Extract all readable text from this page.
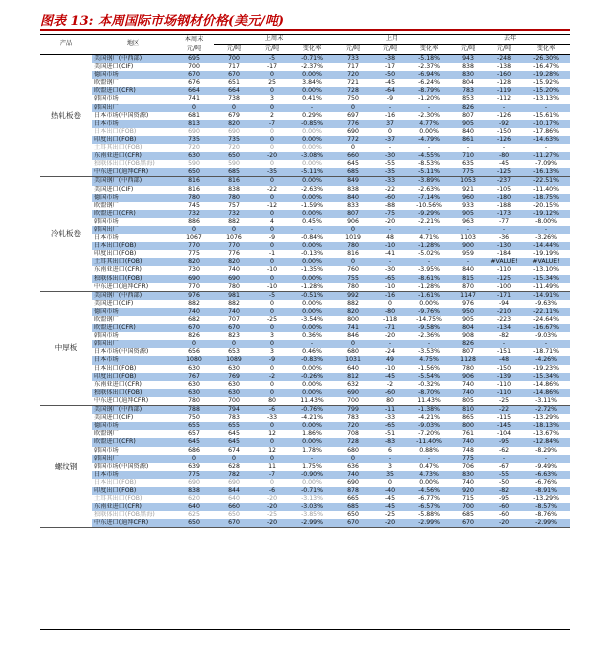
图表 13: 本周国际市场钢材价格(美元/吨)
产品	地区	本周末	上周末			上月			去年		
		元/吨	元/吨	元/吨	变化率	元/吨	元/吨	变化率	元/吨	元/吨	变化率
热轧板卷	美国钢厂(中西部)	695	700	-5	-0.71%	733	-38	-5.18%	943	-248	-26.30%
	美国进口(CIF)	700	717	-17	-2.37%	717	-17	-2.37%	838	-138	-16.47%
	德国市场	670	670	0	0.00%	720	-50	-6.94%	830	-160	-19.28%
	欧盟钢厂	676	651	25	3.84%	721	-45	-6.24%	804	-128	-15.92%
	欧盟进口(CFR)	664	664	0	0.00%	728	-64	-8.79%	783	-119	-15.20%
	韩国市场	741	738	3	0.41%	750	-9	-1.20%	853	-112	-13.13%
	韩国出厂	0	0	0	-	0	-	-	826	-	-
	日本市场(中国资源)	681	679	2	0.29%	697	-16	-2.30%	807	-126	-15.61%
	日本市场	813	820	-7	-0.85%	776	37	4.77%	905	-92	-10.17%
	日本出口(FOB)	690	690	0	0.00%	690	0	0.00%	840	-150	-17.86%
	印度出口(FOB)	735	735	0	0.00%	772	-37	-4.79%	861	-126	-14.63%
	土耳其出口(FOB)	720	720	0	0.00%	0	-	-	-	-	-
	东南亚进口(CFR)	630	650	-20	-3.08%	660	-30	-4.55%	710	-80	-11.27%
	独联体出口(FOB黑海)	590	590	0	0.00%	645	-55	-8.53%	635	-45	-7.09%
	中东进口(迪拜CFR)	650	685	-35	-5.11%	685	-35	-5.11%	775	-125	-16.13%
冷轧板卷	美国钢厂(中西部)	816	816	0	0.00%	849	-33	-3.89%	1053	-237	-22.51%
	美国进口(CIF)	816	838	-22	-2.63%	838	-22	-2.63%	921	-105	-11.40%
	德国市场	780	780	0	0.00%	840	-60	-7.14%	960	-180	-18.75%
	欧盟钢厂	745	757	-12	-1.59%	833	-88	-10.56%	933	-188	-20.15%
	欧盟进口(CFR)	732	732	0	0.00%	807	-75	-9.29%	905	-173	-19.12%
	韩国市场	886	882	4	0.45%	906	-20	-2.21%	963	-77	-8.00%
	韩国出厂	0	0	0	-	0	-	-	-	-	-
	日本市场	1067	1076	-9	-0.84%	1019	48	4.71%	1103	-36	-3.26%
	日本出口(FOB)	770	770	0	0.00%	780	-10	-1.28%	900	-130	-14.44%
	印度出口(FOB)	775	776	-1	-0.13%	816	-41	-5.02%	959	-184	-19.19%
	土耳其出口(FOB)	820	820	0	0.00%	0	-	-	-	#VALUE!	#VALUE!
	东南亚进口(CFR)	730	740	-10	-1.35%	760	-30	-3.95%	840	-110	-13.10%
	独联体出口(FOB)	690	690	0	0.00%	755	-65	-8.61%	815	-125	-15.34%
	中东进口(迪拜CFR)	770	780	-10	-1.28%	780	-10	-1.28%	870	-100	-11.49%
中厚板	美国钢厂(中西部)	976	981	-5	-0.51%	992	-16	-1.61%	1147	-171	-14.91%
	美国进口(CIF)	882	882	0	0.00%	882	0	0.00%	976	-94	-9.63%
	德国市场	740	740	0	0.00%	820	-80	-9.76%	950	-210	-22.11%
	欧盟钢厂	682	707	-25	-3.54%	800	-118	-14.75%	905	-223	-24.64%
	欧盟进口(CFR)	670	670	0	0.00%	741	-71	-9.58%	804	-134	-16.67%
	韩国市场	826	823	3	0.36%	846	-20	-2.36%	908	-82	-9.03%
	韩国出厂	0	0	0	-	0	-	-	826	-	-
	日本市场(中国资源)	656	653	3	0.46%	680	-24	-3.53%	807	-151	-18.71%
	日本市场	1080	1089	-9	-0.83%	1031	49	4.75%	1128	-48	-4.26%
	日本出口(FOB)	630	630	0	0.00%	640	-10	-1.56%	780	-150	-19.23%
	印度出口(FOB)	767	769	-2	-0.26%	812	-45	-5.54%	906	-139	-15.34%
	东南亚进口(CFR)	630	630	0	0.00%	632	-2	-0.32%	740	-110	-14.86%
	独联体出口(FOB)	630	630	0	0.00%	690	-60	-8.70%	740	-110	-14.86%
	中东进口(迪拜CFR)	780	700	80	11.43%	700	80	11.43%	805	-25	-3.11%
螺纹钢	美国钢厂(中西部)	788	794	-6	-0.76%	799	-11	-1.38%	810	-22	-2.72%
	美国进口(CIF)	750	783	-33	-4.21%	783	-33	-4.21%	865	-115	-13.29%
	德国市场	655	655	0	0.00%	720	-65	-9.03%	800	-145	-18.13%
	欧盟钢厂	657	645	12	1.86%	708	-51	-7.20%	761	-104	-13.67%
	欧盟进口(CFR)	645	645	0	0.00%	728	-83	-11.40%	740	-95	-12.84%
	韩国市场	686	674	12	1.78%	680	6	0.88%	748	-62	-8.29%
	韩国出厂	0	0	0	-	0	-	-	775	-	-
	韩国市场(中国资源)	639	628	11	1.75%	636	3	0.47%	706	-67	-9.49%
	日本市场	775	782	-7	-0.90%	740	35	4.73%	830	-55	-6.63%
	日本出口(FOB)	690	690	0	0.00%	690	0	0.00%	740	-50	-6.76%
	印度出口(FOB)	838	844	-6	-0.71%	878	-40	-4.56%	920	-82	-8.91%
	土耳其出口(FOB)	620	640	-20	-3.13%	665	-45	-6.77%	715	-95	-13.29%
	东南亚进口(CFR)	640	660	-20	-3.03%	685	-45	-6.57%	700	-60	-8.57%
	独联体出口(FOB黑海)	625	650	-25	-3.85%	650	-25	-5.88%	685	-60	-8.76%
	中东进口(迪拜CFR)	650	670	-20	-2.99%	670	-20	-2.99%	670	-20	-2.99%
